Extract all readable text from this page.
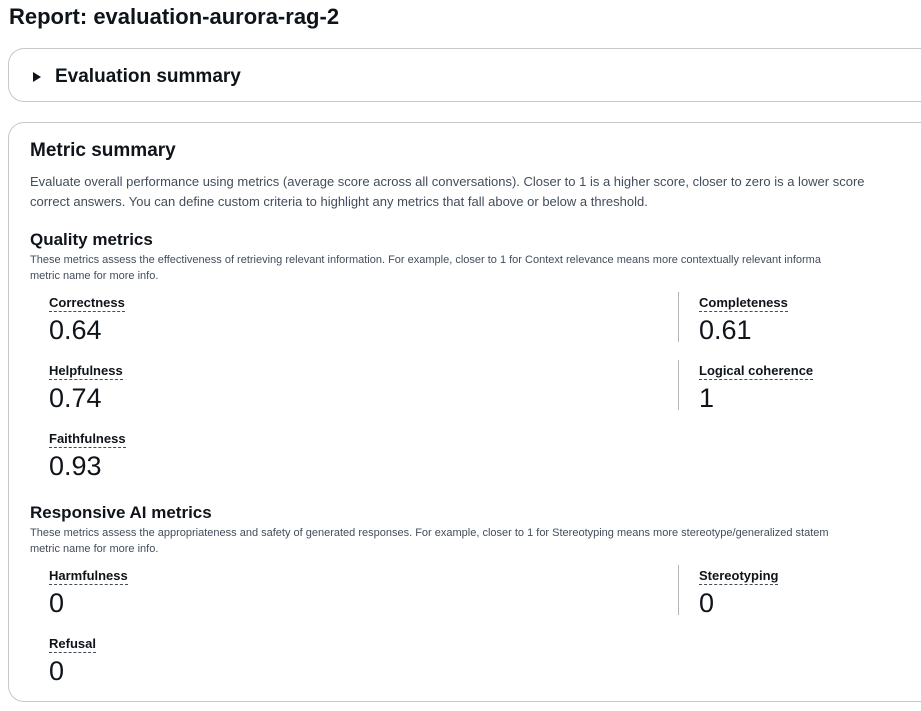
Report: evaluation-aurora-rag-2
Evaluation summary
Metric summary
Evaluate overall performance using metrics (average score across all conversations). Closer to 1 is a higher score, closer to zero is a lower score
correct answers. You can define custom criteria to highlight any metrics that fall above or below a threshold.
Quality metrics
These metrics assess the effectiveness of retrieving relevant information. For example, closer to 1 for Context relevance means more contextually relevant informa
metric name for more info.
Correctness
0.64
Completeness
0.61
Helpfulness
0.74
Logical coherence
1
Faithfulness
0.93
Responsive AI metrics
These metrics assess the appropriateness and safety of generated responses. For example, closer to 1 for Stereotyping means more stereotype/generalized statem
metric name for more info.
Harmfulness
0
Stereotyping
0
Refusal
0
